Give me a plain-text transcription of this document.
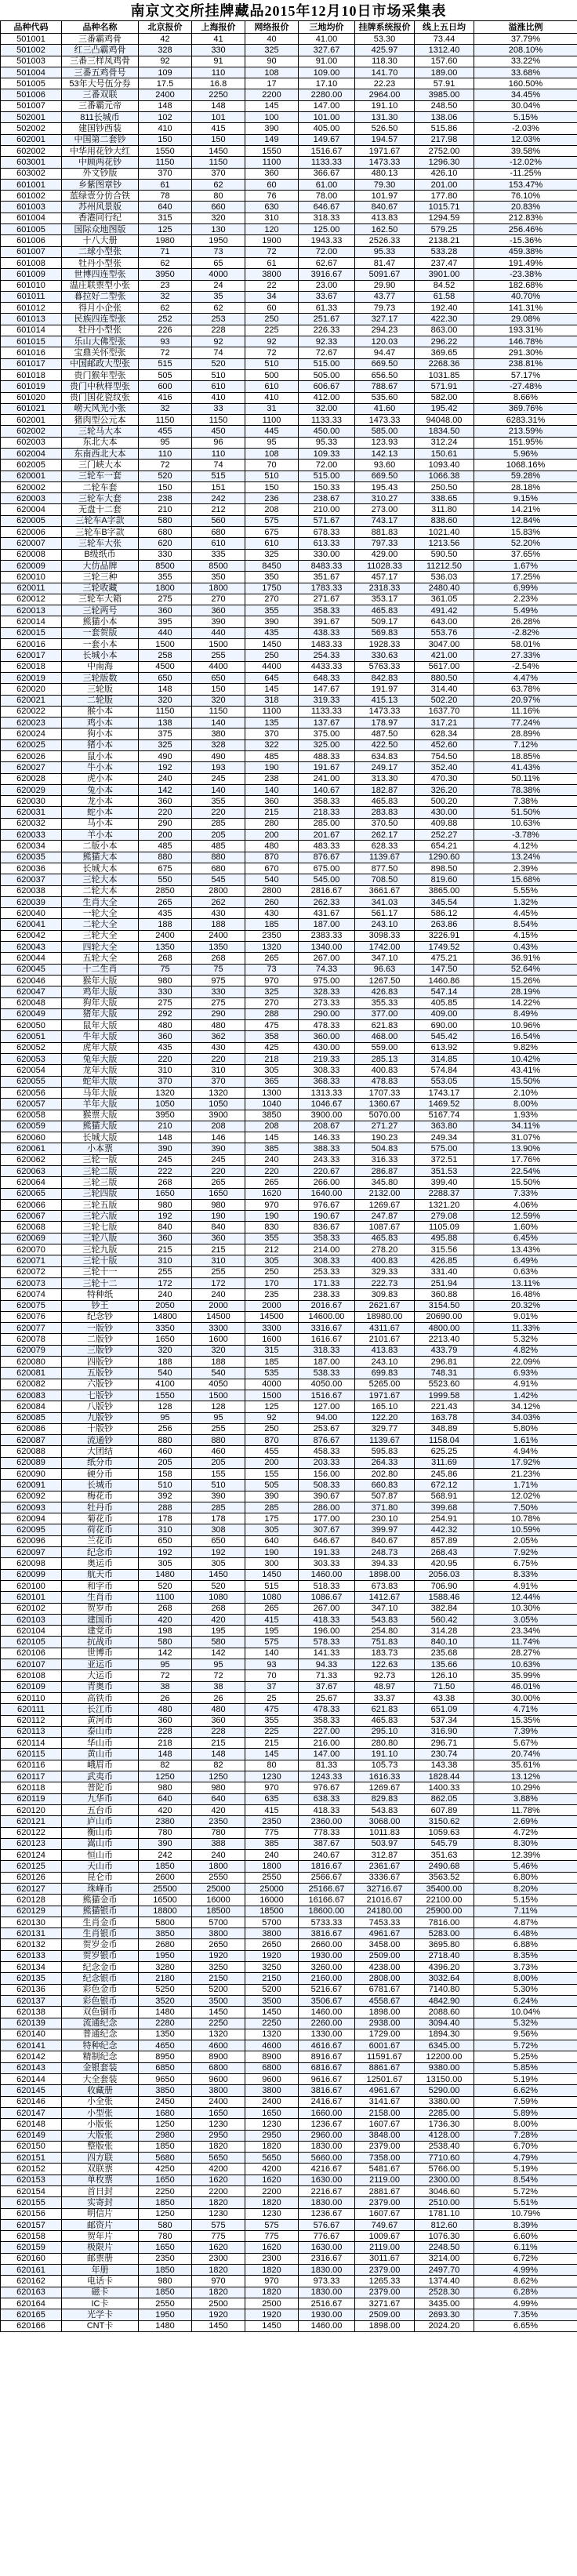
南京文交所挂牌藏品2015年12月10日市场采集表
品种代码	品种名称	北京报价	上海报价	网络报价	三地均价	挂牌系统报价	线上五日均	溢涨比例
501001	三番霸鸡骨	42	41	40	41.00	53.30	73.44	37.79%
501002	红三凸霸鸡骨	328	330	325	327.67	425.97	1312.40	208.10%
501003	三番三样凤鸡骨	92	91	90	91.00	118.30	157.60	33.22%
501004	三番五鸡骨号	109	110	108	109.00	141.70	189.00	33.68%
501005	53年大号伍分券	17.5	16.8	17	17.10	22.23	57.91	160.50%
501006	三番双联	2400	2250	2200	2280.00	2964.00	3985.00	34.45%
501007	三番霸元帝	148	148	145	147.00	191.10	248.50	30.04%
502001	811长城币	102	101	100	101.00	131.30	138.06	5.15%
502002	建国钞西装	410	415	390	405.00	526.50	515.86	-2.03%
602001	中国第二套钞	150	150	149	149.67	194.57	217.98	12.03%
602002	中华用花钞大红	1550	1450	1550	1516.67	1971.67	2752.00	39.58%
603001	中顾两花钞	1150	1150	1100	1133.33	1473.33	1296.30	-12.02%
603002	外文钞版	370	370	360	366.67	480.13	426.10	-11.25%
601001	乡紫图章钞	61	62	60	61.00	79.30	201.00	153.47%
601002	蓝绿壹分仿合铁	78	80	76	78.00	101.97	177.80	76.10%
601003	苏州风景版	640	660	630	646.67	840.67	1015.71	20.83%
601004	香港同行纪	315	320	310	318.33	413.83	1294.59	212.83%
601005	国际众地图版	125	130	120	125.00	162.50	579.25	256.46%
601006	十八大册	1980	1950	1900	1943.33	2526.33	2138.21	-15.36%
601007	二球小型张	71	73	72	72.00	95.33	533.28	459.38%
601008	牡丹小型张	62	65	61	62.67	81.47	237.47	191.49%
601009	世博四连型张	3950	4000	3800	3916.67	5091.67	3901.00	-23.38%
601010	温庄联票型小张	23	24	22	23.00	29.90	84.52	182.68%
601011	暮拉好二型张	32	35	34	33.67	43.77	61.58	40.70%
601012	得月小企张	62	62	60	61.33	79.73	192.40	141.31%
601013	民族四连型张	252	253	250	251.67	327.17	422.30	29.08%
601014	牡丹小型张	226	228	225	226.33	294.23	863.00	193.31%
601015	乐山大佛型张	93	92	92	92.33	120.03	296.22	146.78%
601016	宝鼎关怀型张	72	74	72	72.67	94.47	369.65	291.30%
601017	中国邮政大型张	515	520	510	515.00	669.50	2268.36	238.81%
601018	贵门猴年型张	505	510	500	505.00	656.50	1031.85	57.17%
601019	贵门中秋样型张	600	610	610	606.67	788.67	571.91	-27.48%
601020	贵门国花瓷纹张	416	410	410	412.00	535.60	582.00	8.66%
601021	崂天风光小张	32	33	31	32.00	41.60	195.42	369.76%
602001	猪肉型公元本	1150	1150	1100	1133.33	1473.33	94048.00	6283.31%
602002	三轮马大本	455	450	445	450.00	585.00	1834.50	213.59%
602003	东北大本	95	96	95	95.33	123.93	312.24	151.95%
602004	东南西北大本	110	110	108	109.33	142.13	150.61	5.96%
602005	三门峡大本	72	74	70	72.00	93.60	1093.40	1068.16%
620001	三轮车一套	520	515	510	515.00	669.50	1066.38	59.28%
620002	二轮车套	150	151	150	150.33	195.43	250.50	28.18%
620003	三轮车大套	238	242	236	238.67	310.27	338.65	9.15%
620004	无盘十二套	210	212	208	210.00	273.00	311.80	14.21%
620005	三轮车A字款	580	560	575	571.67	743.17	838.60	12.84%
620006	三轮车B字款	680	680	675	678.33	881.83	1021.40	15.83%
620007	三轮车大张	620	610	610	613.33	797.33	1213.56	52.20%
620008	B级纸币	330	335	325	330.00	429.00	590.50	37.65%
620009	大仿品牌	8500	8500	8450	8483.33	11028.33	11212.50	1.67%
620010	三轮三种	355	350	350	351.67	457.17	536.03	17.25%
620011	三轮收藏	1800	1800	1750	1783.33	2318.33	2480.40	6.99%
620012	三轮车大箱	275	270	270	271.67	353.17	361.05	2.23%
620013	三轮两号	360	360	355	358.33	465.83	491.42	5.49%
620014	熊猫小本	395	390	390	391.67	509.17	643.00	26.28%
620015	一套贺版	440	440	435	438.33	569.83	553.76	-2.82%
620016	一套小本	1500	1500	1450	1483.33	1928.33	3047.00	58.01%
620017	长城小本	258	255	250	254.33	330.63	421.00	27.33%
620018	中南海	4500	4400	4400	4433.33	5763.33	5617.00	-2.54%
620019	三轮版数	650	650	645	648.33	842.83	880.50	4.47%
620020	三轮版	148	150	145	147.67	191.97	314.40	63.78%
620021	二轮版	320	320	318	319.33	415.13	502.20	20.97%
620022	猴小本	1150	1150	1100	1133.33	1473.33	1637.70	11.16%
620023	鸡小本	138	140	135	137.67	178.97	317.21	77.24%
620024	狗小本	375	380	370	375.00	487.50	628.34	28.89%
620025	猪小本	325	328	322	325.00	422.50	452.60	7.12%
620026	鼠小本	490	490	485	488.33	634.83	754.50	18.85%
620027	牛小本	192	193	190	191.67	249.17	352.40	41.43%
620028	虎小本	240	245	238	241.00	313.30	470.30	50.11%
620029	兔小本	142	140	140	140.67	182.87	326.20	78.38%
620030	龙小本	360	355	360	358.33	465.83	500.20	7.38%
620031	蛇小本	220	220	215	218.33	283.83	430.00	51.50%
620032	马小本	290	285	280	285.00	370.50	409.88	10.63%
620033	羊小本	200	205	200	201.67	262.17	252.27	-3.78%
620034	二版小本	485	485	480	483.33	628.33	654.21	4.12%
620035	熊猫大本	880	880	870	876.67	1139.67	1290.60	13.24%
620036	长城大本	675	680	670	675.00	877.50	898.50	2.39%
620037	三轮大本	550	545	540	545.00	708.50	819.60	15.68%
620038	二轮大本	2850	2800	2800	2816.67	3661.67	3865.00	5.55%
620039	生肖大全	265	262	260	262.33	341.03	345.54	1.32%
620040	一轮大全	435	430	430	431.67	561.17	586.12	4.45%
620041	二轮大全	188	188	185	187.00	243.10	263.86	8.54%
620042	三轮大全	2400	2400	2350	2383.33	3098.33	3226.91	4.15%
620043	四轮大全	1350	1350	1320	1340.00	1742.00	1749.52	0.43%
620044	五轮大全	268	268	265	267.00	347.10	475.21	36.91%
620045	十二生肖	75	75	73	74.33	96.63	147.50	52.64%
620046	猴年大版	980	975	970	975.00	1267.50	1460.86	15.26%
620047	鸡年大版	330	330	325	328.33	426.83	547.14	28.19%
620048	狗年大版	275	275	270	273.33	355.33	405.85	14.22%
620049	猪年大版	292	290	288	290.00	377.00	409.00	8.49%
620050	鼠年大版	480	480	475	478.33	621.83	690.00	10.96%
620051	牛年大版	360	362	358	360.00	468.00	545.42	16.54%
620052	虎年大版	435	430	425	430.00	559.00	613.92	9.82%
620053	兔年大版	220	220	218	219.33	285.13	314.85	10.42%
620054	龙年大版	310	310	305	308.33	400.83	574.84	43.41%
620055	蛇年大版	370	370	365	368.33	478.83	553.05	15.50%
620056	马年大版	1320	1320	1300	1313.33	1707.33	1743.17	2.10%
620057	羊年大版	1050	1050	1040	1046.67	1360.67	1469.52	8.00%
620058	猴票大版	3950	3900	3850	3900.00	5070.00	5167.74	1.93%
620059	熊猫大版	210	208	208	208.67	271.27	363.80	34.11%
620060	长城大版	148	146	145	146.33	190.23	249.34	31.07%
620061	小本票	390	390	385	388.33	504.83	575.00	13.90%
620062	三轮一版	245	245	240	243.33	316.33	372.51	17.76%
620063	三轮二版	222	220	220	220.67	286.87	351.53	22.54%
620064	三轮三版	268	265	265	266.00	345.80	399.40	15.50%
620065	三轮四版	1650	1650	1620	1640.00	2132.00	2288.37	7.33%
620066	三轮五版	980	980	970	976.67	1269.67	1321.20	4.06%
620067	三轮六版	192	190	190	190.67	247.87	279.08	12.59%
620068	三轮七版	840	840	830	836.67	1087.67	1105.09	1.60%
620069	三轮八版	360	360	355	358.33	465.83	495.88	6.45%
620070	三轮九版	215	215	212	214.00	278.20	315.56	13.43%
620071	三轮十版	310	310	305	308.33	400.83	426.85	6.49%
620072	三轮十一	255	255	250	253.33	329.33	331.40	0.63%
620073	三轮十二	172	172	170	171.33	222.73	251.94	13.11%
620074	特种纸	240	240	235	238.33	309.83	360.88	16.48%
620075	钞王	2050	2000	2000	2016.67	2621.67	3154.50	20.32%
620076	纪念钞	14800	14500	14500	14600.00	18980.00	20690.00	9.01%
620077	一版钞	3350	3300	3300	3316.67	4311.67	4800.00	11.33%
620078	二版钞	1650	1600	1600	1616.67	2101.67	2213.40	5.32%
620079	三版钞	320	320	315	318.33	413.83	433.79	4.82%
620080	四版钞	188	188	185	187.00	243.10	296.81	22.09%
620081	五版钞	540	540	535	538.33	699.83	748.31	6.93%
620082	六版钞	4100	4050	4000	4050.00	5265.00	5523.60	4.91%
620083	七版钞	1550	1500	1500	1516.67	1971.67	1999.58	1.42%
620084	八版钞	128	128	125	127.00	165.10	221.43	34.12%
620085	九版钞	95	95	92	94.00	122.20	163.78	34.03%
620086	十版钞	256	255	250	253.67	329.77	348.89	5.80%
620087	流通钞	880	880	870	876.67	1139.67	1158.04	1.61%
620088	大团结	460	460	455	458.33	595.83	625.25	4.94%
620089	纸分币	205	205	200	203.33	264.33	311.69	17.92%
620090	硬分币	158	155	155	156.00	202.80	245.86	21.23%
620091	长城币	510	510	505	508.33	660.83	672.12	1.71%
620092	梅花币	392	390	390	390.67	507.87	568.91	12.02%
620093	牡丹币	288	285	285	286.00	371.80	399.68	7.50%
620094	菊花币	178	178	175	177.00	230.10	254.91	10.78%
620095	荷花币	310	308	305	307.67	399.97	442.32	10.59%
620096	兰花币	650	650	640	646.67	840.67	857.89	2.05%
620097	纪念币	192	192	190	191.33	248.73	268.43	7.92%
620098	奥运币	305	305	300	303.33	394.33	420.95	6.75%
620099	航天币	1480	1450	1450	1460.00	1898.00	2056.03	8.33%
620100	和字币	520	520	515	518.33	673.83	706.90	4.91%
620101	生肖币	1100	1080	1080	1086.67	1412.67	1588.46	12.44%
620102	贺岁币	268	268	265	267.00	347.10	382.84	10.30%
620103	建国币	420	420	415	418.33	543.83	560.42	3.05%
620104	建党币	198	195	195	196.00	254.80	314.28	23.34%
620105	抗战币	580	580	575	578.33	751.83	840.10	11.74%
620106	世博币	142	142	140	141.33	183.73	235.68	28.27%
620107	亚运币	95	95	93	94.33	122.63	135.66	10.63%
620108	大运币	72	72	70	71.33	92.73	126.10	35.99%
620109	青奥币	38	38	37	37.67	48.97	71.50	46.01%
620110	高铁币	26	26	25	25.67	33.37	43.38	30.00%
620111	长江币	480	480	475	478.33	621.83	651.09	4.71%
620112	黄河币	360	360	355	358.33	465.83	537.34	15.35%
620113	泰山币	228	228	225	227.00	295.10	316.90	7.39%
620114	华山币	218	215	215	216.00	280.80	296.71	5.67%
620115	黄山币	148	148	145	147.00	191.10	230.74	20.74%
620116	峨眉币	82	82	80	81.33	105.73	143.38	35.61%
620117	武夷币	1250	1250	1230	1243.33	1616.33	1828.44	13.12%
620118	普陀币	980	980	970	976.67	1269.67	1400.33	10.29%
620119	九华币	640	640	635	638.33	829.83	862.05	3.88%
620120	五台币	420	420	415	418.33	543.83	607.89	11.78%
620121	庐山币	2380	2350	2350	2360.00	3068.00	3150.62	2.69%
620122	衡山币	780	780	775	778.33	1011.83	1059.63	4.72%
620123	嵩山币	390	388	385	387.67	503.97	545.79	8.30%
620124	恒山币	242	240	240	240.67	312.87	351.63	12.39%
620125	天山币	1850	1800	1800	1816.67	2361.67	2490.68	5.46%
620126	昆仑币	2600	2550	2550	2566.67	3336.67	3563.52	6.80%
620127	珠峰币	25500	25000	25000	25166.67	32716.67	35400.00	8.20%
620128	熊猫金币	16500	16000	16000	16166.67	21016.67	22100.00	5.15%
620129	熊猫银币	18800	18500	18500	18600.00	24180.00	25900.00	7.11%
620130	生肖金币	5800	5700	5700	5733.33	7453.33	7816.00	4.87%
620131	生肖银币	3850	3800	3800	3816.67	4961.67	5283.00	6.48%
620132	贺岁金币	2680	2650	2650	2660.00	3458.00	3695.80	6.88%
620133	贺岁银币	1950	1920	1920	1930.00	2509.00	2718.40	8.35%
620134	纪念金币	3280	3250	3250	3260.00	4238.00	4396.20	3.73%
620135	纪念银币	2180	2150	2150	2160.00	2808.00	3032.64	8.00%
620136	彩色金币	5250	5200	5200	5216.67	6781.67	7140.80	5.30%
620137	彩色银币	3520	3500	3500	3506.67	4558.67	4842.90	6.24%
620138	双色铜币	1480	1450	1450	1460.00	1898.00	2088.60	10.04%
620139	流通纪念	2280	2250	2250	2260.00	2938.00	3094.40	5.32%
620140	普通纪念	1350	1320	1320	1330.00	1729.00	1894.30	9.56%
620141	特种纪念	4650	4600	4600	4616.67	6001.67	6345.00	5.72%
620142	精制纪念	8950	8900	8900	8916.67	11591.67	12200.00	5.25%
620143	金银套装	6850	6800	6800	6816.67	8861.67	9380.00	5.85%
620144	大全套装	9650	9600	9600	9616.67	12501.67	13150.00	5.19%
620145	收藏册	3850	3800	3800	3816.67	4961.67	5290.00	6.62%
620146	小全张	2450	2400	2400	2416.67	3141.67	3380.00	7.59%
620147	小型张	1680	1650	1650	1660.00	2158.00	2285.00	5.89%
620148	小版张	1250	1230	1230	1236.67	1607.67	1736.30	8.00%
620149	大版张	2980	2950	2950	2960.00	3848.00	4128.00	7.28%
620150	整版张	1850	1820	1820	1830.00	2379.00	2538.40	6.70%
620151	四方联	5680	5650	5650	5660.00	7358.00	7710.60	4.79%
620152	双联票	4250	4200	4200	4216.67	5481.67	5766.00	5.19%
620153	单枚票	1650	1620	1620	1630.00	2119.00	2300.00	8.54%
620154	首日封	2250	2200	2200	2216.67	2881.67	3046.60	5.72%
620155	实寄封	1850	1820	1820	1830.00	2379.00	2510.00	5.51%
620156	明信片	1250	1230	1230	1236.67	1607.67	1781.10	10.79%
620157	邮资片	580	575	575	576.67	749.67	812.60	8.39%
620158	贺年片	780	775	775	776.67	1009.67	1076.30	6.60%
620159	极限片	1650	1620	1620	1630.00	2119.00	2248.50	6.11%
620160	邮票册	2350	2300	2300	2316.67	3011.67	3214.00	6.72%
620161	年册	1850	1820	1820	1830.00	2379.00	2497.70	4.99%
620162	电话卡	980	970	970	973.33	1265.33	1374.40	8.62%
620163	磁卡	1850	1820	1820	1830.00	2379.00	2528.30	6.28%
620164	IC卡	2550	2500	2500	2516.67	3271.67	3435.00	4.99%
620165	光学卡	1950	1920	1920	1930.00	2509.00	2693.30	7.35%
620166	CNT卡	1480	1450	1450	1460.00	1898.00	2024.20	6.65%
